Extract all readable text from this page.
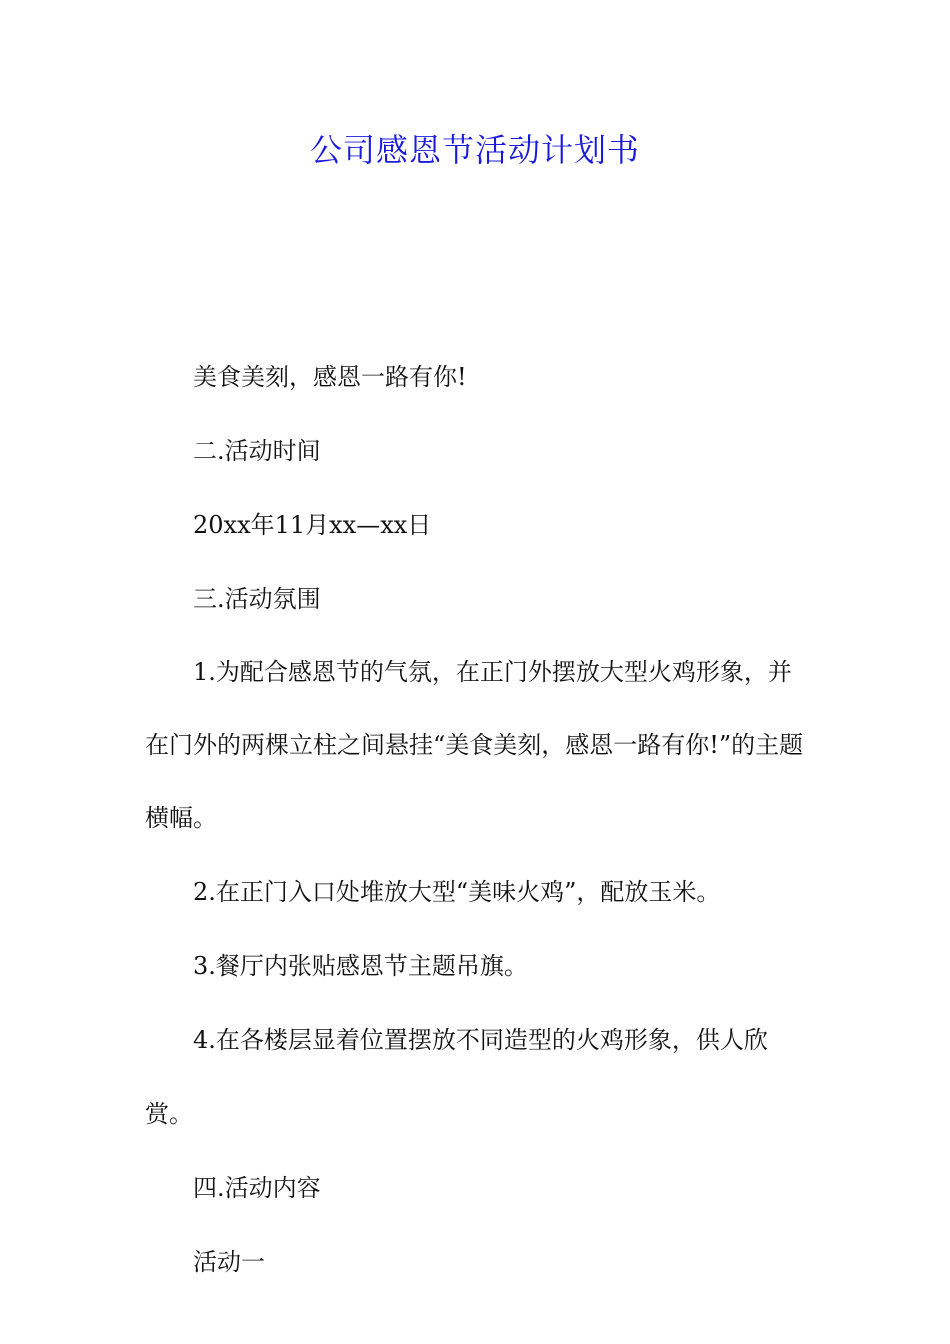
公司感恩节活动计划书

美食美刻，感恩一路有你!

二.活动时间

20xx年11月xx—xx日

三.活动氛围

1.为配合感恩节的气氛，在正门外摆放大型火鸡形象，并在门外的两棵立柱之间悬挂“美食美刻，感恩一路有你!”的主题横幅。

2.在正门入口处堆放大型“美味火鸡”，配放玉米。

3.餐厅内张贴感恩节主题吊旗。

4.在各楼层显着位置摆放不同造型的火鸡形象，供人欣赏。

四.活动内容

活动一
